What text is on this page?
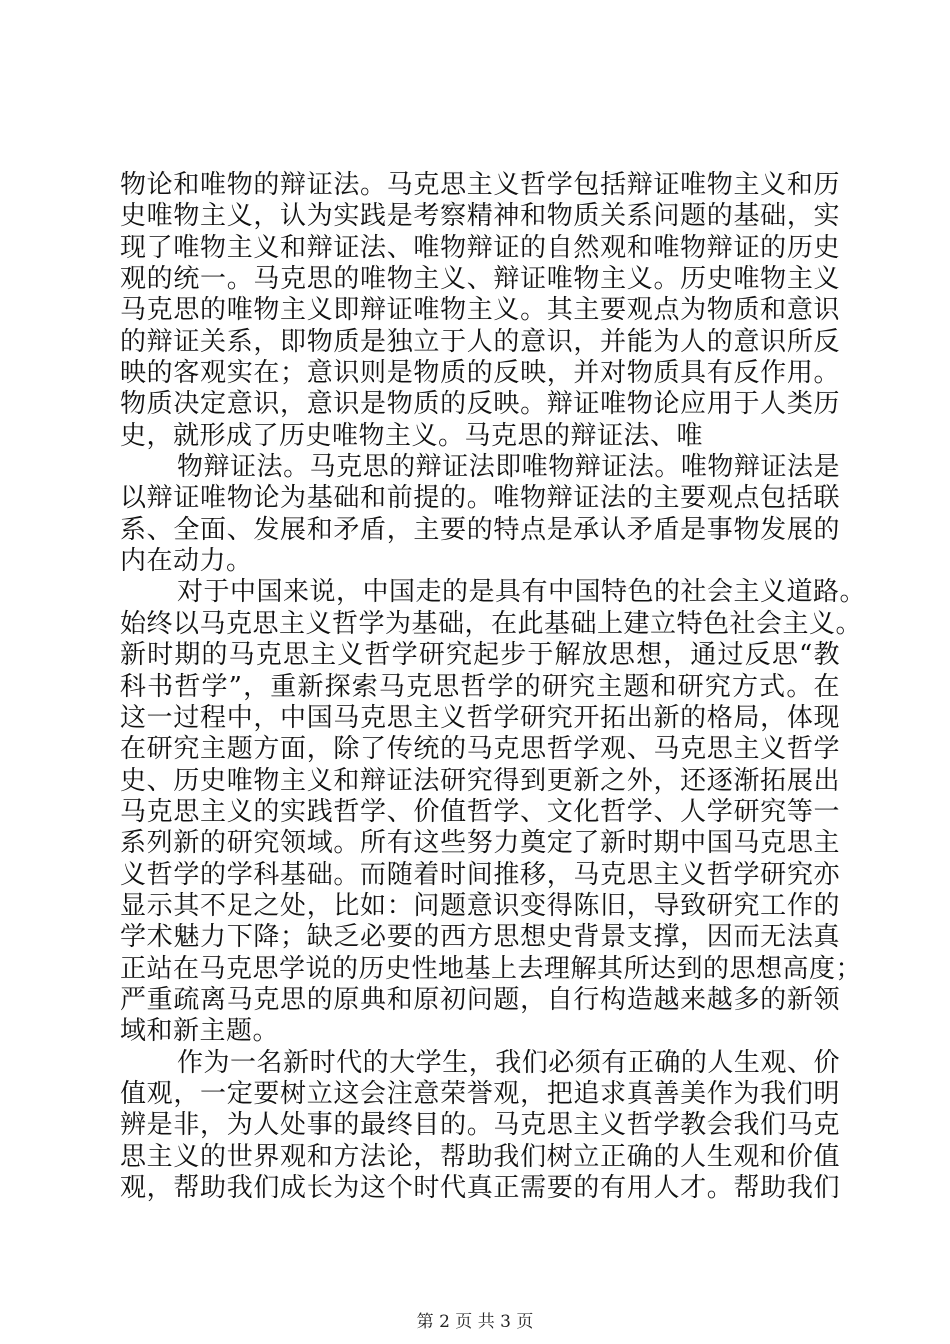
物论和唯物的辩证法。马克思主义哲学包括辩证唯物主义和历
史唯物主义，认为实践是考察精神和物质关系问题的基础，实
现了唯物主义和辩证法、唯物辩证的自然观和唯物辩证的历史
观的统一。马克思的唯物主义、辩证唯物主义。历史唯物主义
马克思的唯物主义即辩证唯物主义。其主要观点为物质和意识
的辩证关系，即物质是独立于人的意识，并能为人的意识所反
映的客观实在；意识则是物质的反映，并对物质具有反作用。
物质决定意识，意识是物质的反映。辩证唯物论应用于人类历
史，就形成了历史唯物主义。马克思的辩证法、唯
物辩证法。马克思的辩证法即唯物辩证法。唯物辩证法是
以辩证唯物论为基础和前提的。唯物辩证法的主要观点包括联
系、全面、发展和矛盾，主要的特点是承认矛盾是事物发展的
内在动力。
对于中国来说，中国走的是具有中国特色的社会主义道路。
始终以马克思主义哲学为基础，在此基础上建立特色社会主义。
新时期的马克思主义哲学研究起步于解放思想，通过反思“教
科书哲学”，重新探索马克思哲学的研究主题和研究方式。在
这一过程中，中国马克思主义哲学研究开拓出新的格局，体现
在研究主题方面，除了传统的马克思哲学观、马克思主义哲学
史、历史唯物主义和辩证法研究得到更新之外，还逐渐拓展出
马克思主义的实践哲学、价值哲学、文化哲学、人学研究等一
系列新的研究领域。所有这些努力奠定了新时期中国马克思主
义哲学的学科基础。而随着时间推移，马克思主义哲学研究亦
显示其不足之处，比如：问题意识变得陈旧，导致研究工作的
学术魅力下降；缺乏必要的西方思想史背景支撑，因而无法真
正站在马克思学说的历史性地基上去理解其所达到的思想高度；
严重疏离马克思的原典和原初问题，自行构造越来越多的新领
域和新主题。
作为一名新时代的大学生，我们必须有正确的人生观、价
值观，一定要树立这会注意荣誉观，把追求真善美作为我们明
辨是非，为人处事的最终目的。马克思主义哲学教会我们马克
思主义的世界观和方法论，帮助我们树立正确的人生观和价值
观，帮助我们成长为这个时代真正需要的有用人才。帮助我们
第 2 页 共 3 页
